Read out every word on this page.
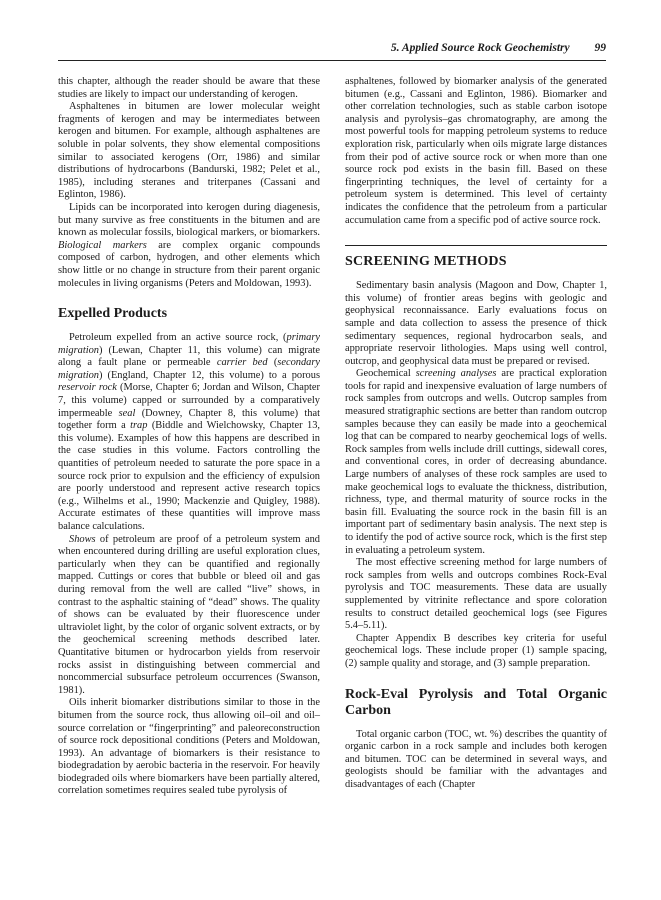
5. Applied Source Rock Geochemistry 99

this chapter, although the reader should be aware that these studies are likely to impact our understanding of kerogen.

Asphaltenes in bitumen are lower molecular weight fragments of kerogen and may be intermediates between kerogen and bitumen. For example, although asphaltenes are soluble in polar solvents, they show elemental compositions similar to associated kerogens (Orr, 1986) and similar distributions of hydrocarbons (Bandurski, 1982; Pelet et al., 1985), including steranes and triterpanes (Cassani and Eglinton, 1986).

Lipids can be incorporated into kerogen during diagenesis, but many survive as free constituents in the bitumen and are known as molecular fossils, biological markers, or biomarkers. Biological markers are complex organic compounds composed of carbon, hydrogen, and other elements which show little or no change in structure from their parent organic molecules in living organisms (Peters and Moldowan, 1993).

Expelled Products

Petroleum expelled from an active source rock, (primary migration) (Lewan, Chapter 11, this volume) can migrate along a fault plane or permeable carrier bed (secondary migration) (England, Chapter 12, this volume) to a porous reservoir rock (Morse, Chapter 6; Jordan and Wilson, Chapter 7, this volume) capped or surrounded by a comparatively impermeable seal (Downey, Chapter 8, this volume) that together form a trap (Biddle and Wielchowsky, Chapter 13, this volume). Examples of how this happens are described in the case studies in this volume. Factors controlling the quantities of petroleum needed to saturate the pore space in a source rock prior to expulsion and the efficiency of expulsion are poorly understood and represent active research topics (e.g., Wilhelms et al., 1990; Mackenzie and Quigley, 1988). Accurate estimates of these quantities will improve mass balance calculations.

Shows of petroleum are proof of a petroleum system and when encountered during drilling are useful exploration clues, particularly when they can be quantified and regionally mapped. Cuttings or cores that bubble or bleed oil and gas during removal from the well are called “live” shows, in contrast to the asphaltic staining of “dead” shows. The quality of shows can be evaluated by their fluorescence under ultraviolet light, by the color of organic solvent extracts, or by the geochemical screening methods described later. Quantitative bitumen or hydrocarbon yields from reservoir rocks assist in distinguishing between commercial and noncommercial subsurface petroleum occurrences (Swanson, 1981).

Oils inherit biomarker distributions similar to those in the bitumen from the source rock, thus allowing oil–oil and oil–source correlation or “fingerprinting” and paleoreconstruction of source rock depositional conditions (Peters and Moldowan, 1993). An advantage of biomarkers is their resistance to biodegradation by aerobic bacteria in the reservoir. For heavily biodegraded oils where biomarkers have been partially altered, correlation sometimes requires sealed tube pyrolysis of

asphaltenes, followed by biomarker analysis of the generated bitumen (e.g., Cassani and Eglinton, 1986). Biomarker and other correlation technologies, such as stable carbon isotope analysis and pyrolysis–gas chromatography, are among the most powerful tools for mapping petroleum systems to reduce exploration risk, particularly when oils migrate large distances from their pod of active source rock or when more than one source rock pod exists in the basin fill. Based on these fingerprinting techniques, the level of certainty for a petroleum system is determined. This level of certainty indicates the confidence that the petroleum from a particular accumulation came from a specific pod of active source rock.

SCREENING METHODS

Sedimentary basin analysis (Magoon and Dow, Chapter 1, this volume) of frontier areas begins with geologic and geophysical reconnaissance. Early evaluations focus on sample and data collection to assess the presence of thick sedimentary sequences, regional hydrocarbon seals, and appropriate reservoir lithologies. Maps using well control, outcrop, and geophysical data must be prepared or revised.

Geochemical screening analyses are practical exploration tools for rapid and inexpensive evaluation of large numbers of rock samples from outcrops and wells. Outcrop samples from measured stratigraphic sections are better than random outcrop samples because they can easily be made into a geochemical log that can be compared to nearby geochemical logs of wells. Rock samples from wells include drill cuttings, sidewall cores, and conventional cores, in order of decreasing abundance. Large numbers of analyses of these rock samples are used to make geochemical logs to evaluate the thickness, distribution, richness, type, and thermal maturity of source rocks in the basin fill. Evaluating the source rock in the basin fill is an important part of sedimentary basin analysis. The next step is to identify the pod of active source rock, which is the first step in evaluating a petroleum system.

The most effective screening method for large numbers of rock samples from wells and outcrops combines Rock-Eval pyrolysis and TOC measurements. These data are usually supplemented by vitrinite reflectance and spore coloration results to construct detailed geochemical logs (see Figures 5.4–5.11).

Chapter Appendix B describes key criteria for useful geochemical logs. These include proper (1) sample spacing, (2) sample quality and storage, and (3) sample preparation.

Rock-Eval Pyrolysis and Total Organic Carbon

Total organic carbon (TOC, wt. %) describes the quantity of organic carbon in a rock sample and includes both kerogen and bitumen. TOC can be determined in several ways, and geologists should be familiar with the advantages and disadvantages of each (Chapter
